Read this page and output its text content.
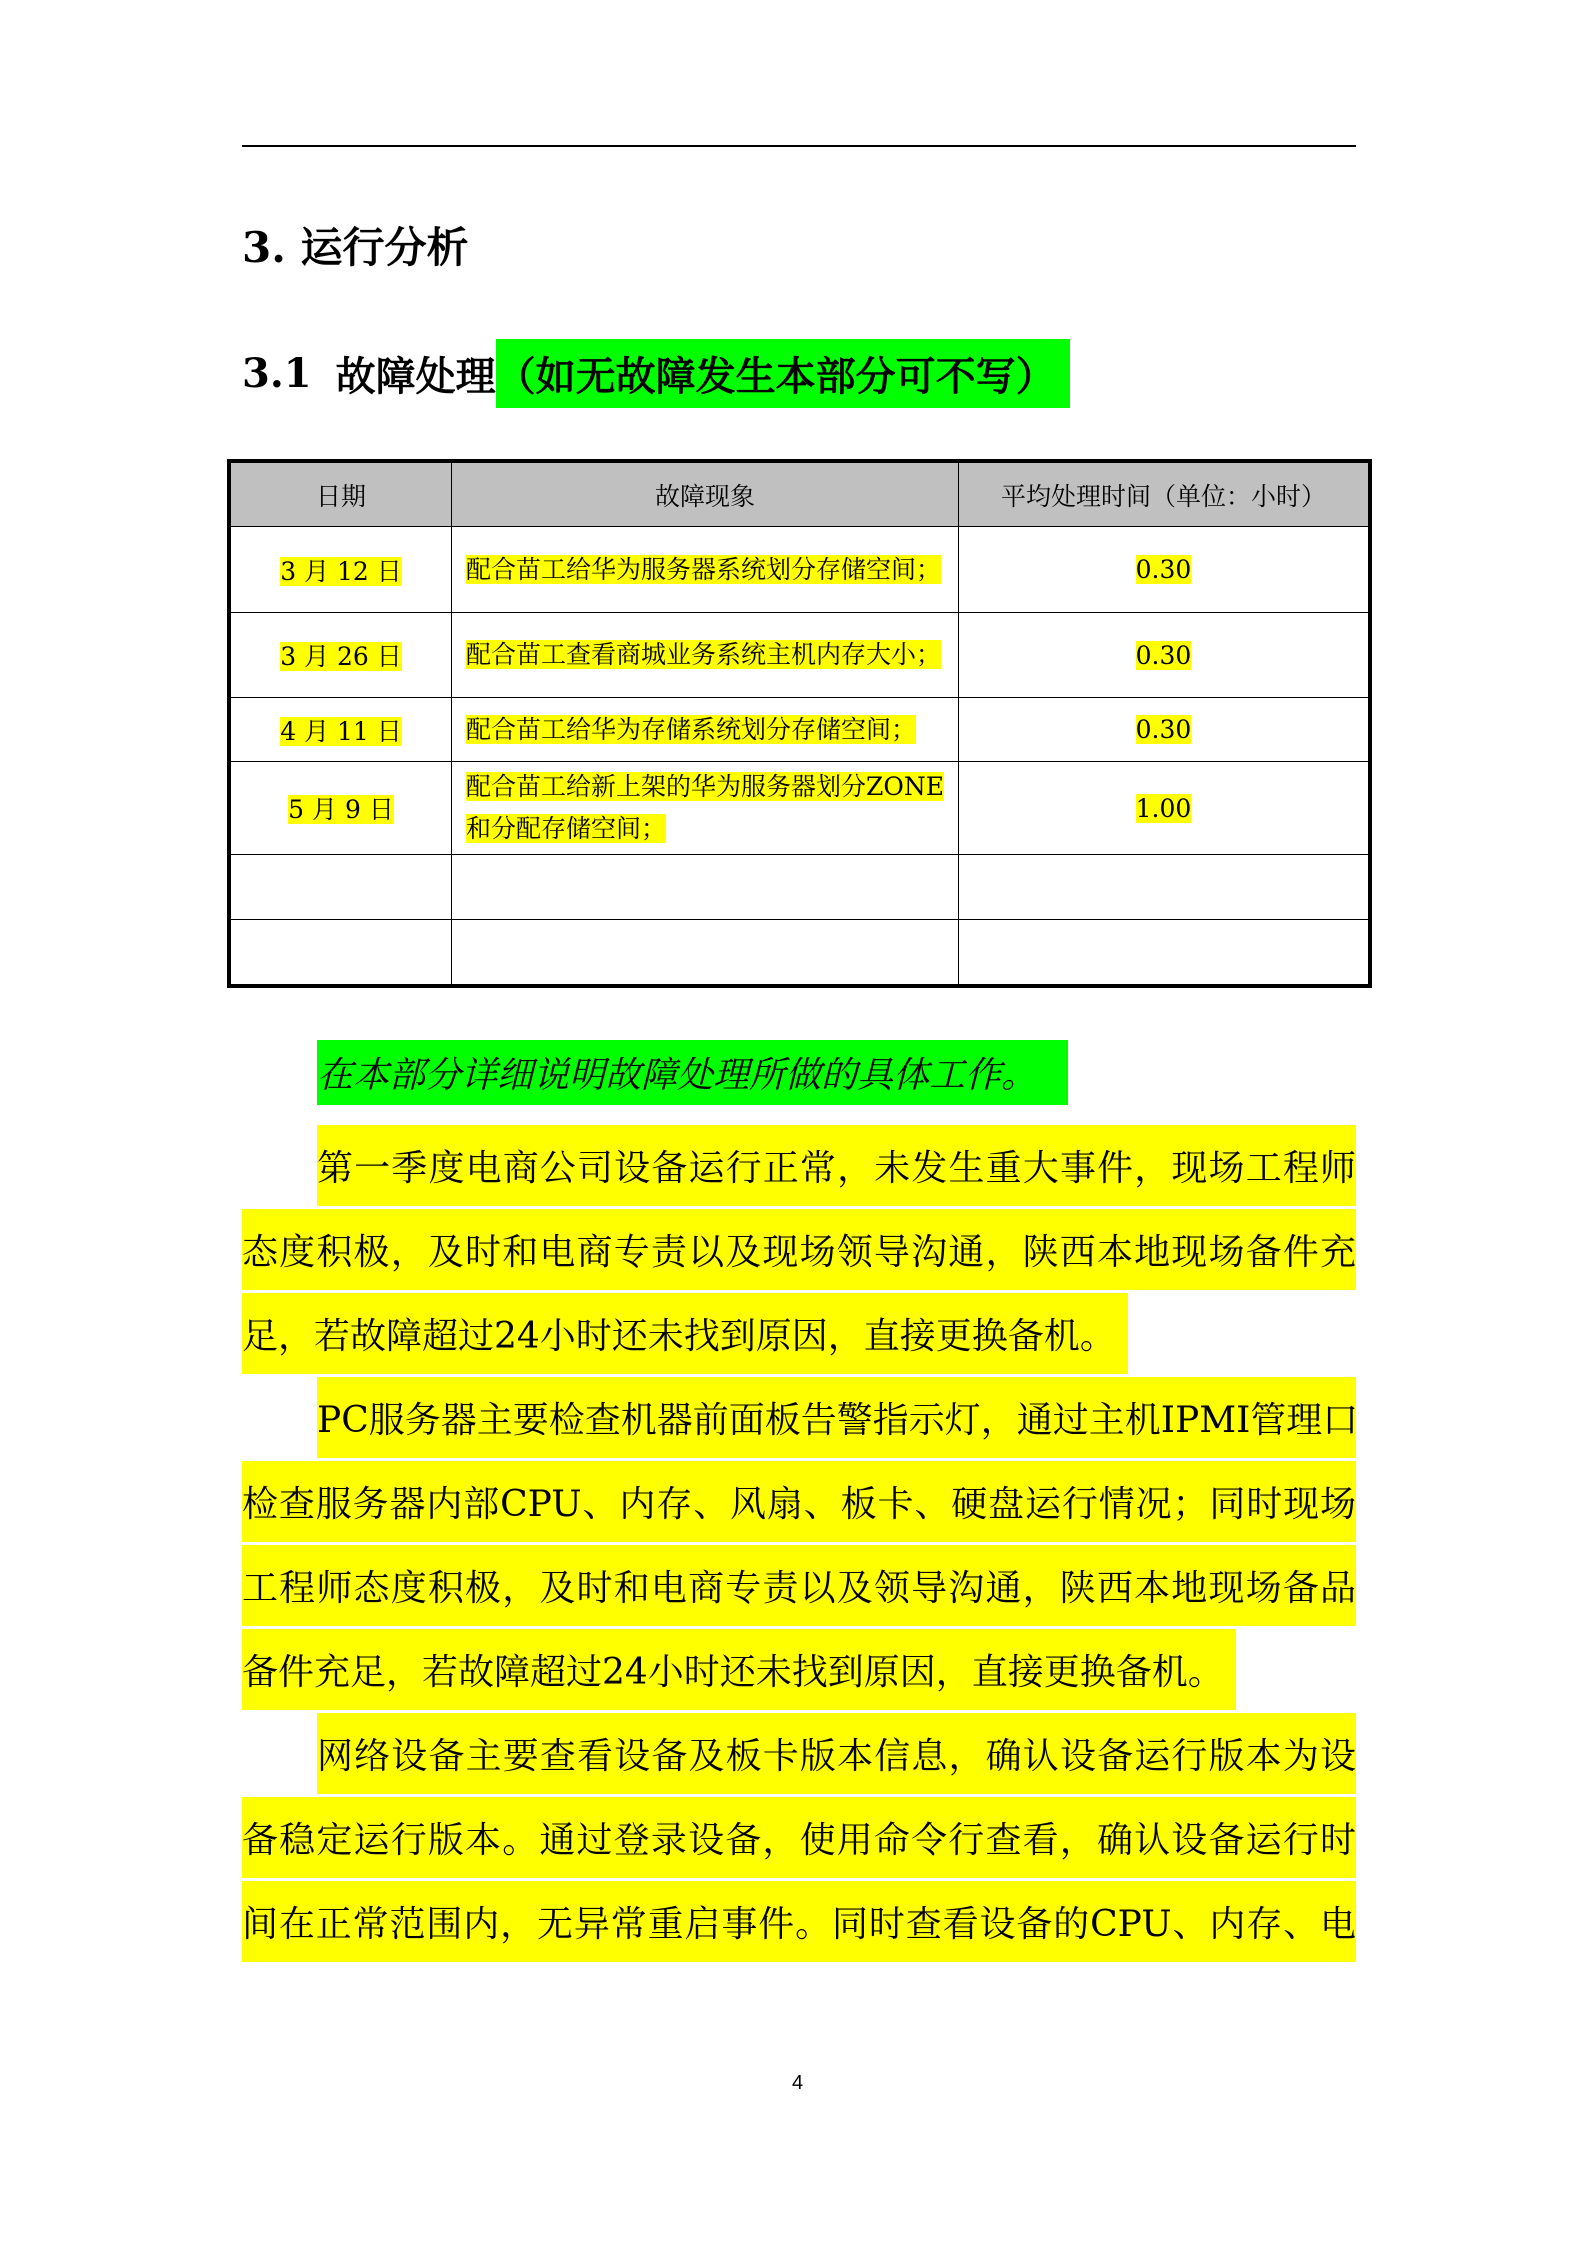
3. 运行分析
3.1 故障处理 （如无故障发生本部分可不写）
日期	故障现象	平均处理时间（单位：小时）
3 月 12 日	配合苗工给华为服务器系统划分存储空间；	0.30
3 月 26 日	配合苗工查看商城业务系统主机内存大小；	0.30
4 月 11 日	配合苗工给华为存储系统划分存储空间；	0.30
5 月 9 日	配合苗工给新上架的华为服务器划分ZONE 和分配存储空间；	1.00

在本部分详细说明故障处理所做的具体工作。
第一季度电商公司设备运行正常，未发生重大事件，现场工程师
态度积极，及时和电商专责以及现场领导沟通，陕西本地现场备件充
足，若故障超过24小时还未找到原因，直接更换备机。
PC服务器主要检查机器前面板告警指示灯，通过主机IPMI管理口
检查服务器内部CPU、内存、风扇、板卡、硬盘运行情况；同时现场
工程师态度积极，及时和电商专责以及领导沟通，陕西本地现场备品
备件充足，若故障超过24小时还未找到原因，直接更换备机。
网络设备主要查看设备及板卡版本信息，确认设备运行版本为设
备稳定运行版本。通过登录设备，使用命令行查看，确认设备运行时
间在正常范围内，无异常重启事件。同时查看设备的CPU、内存、电
4
